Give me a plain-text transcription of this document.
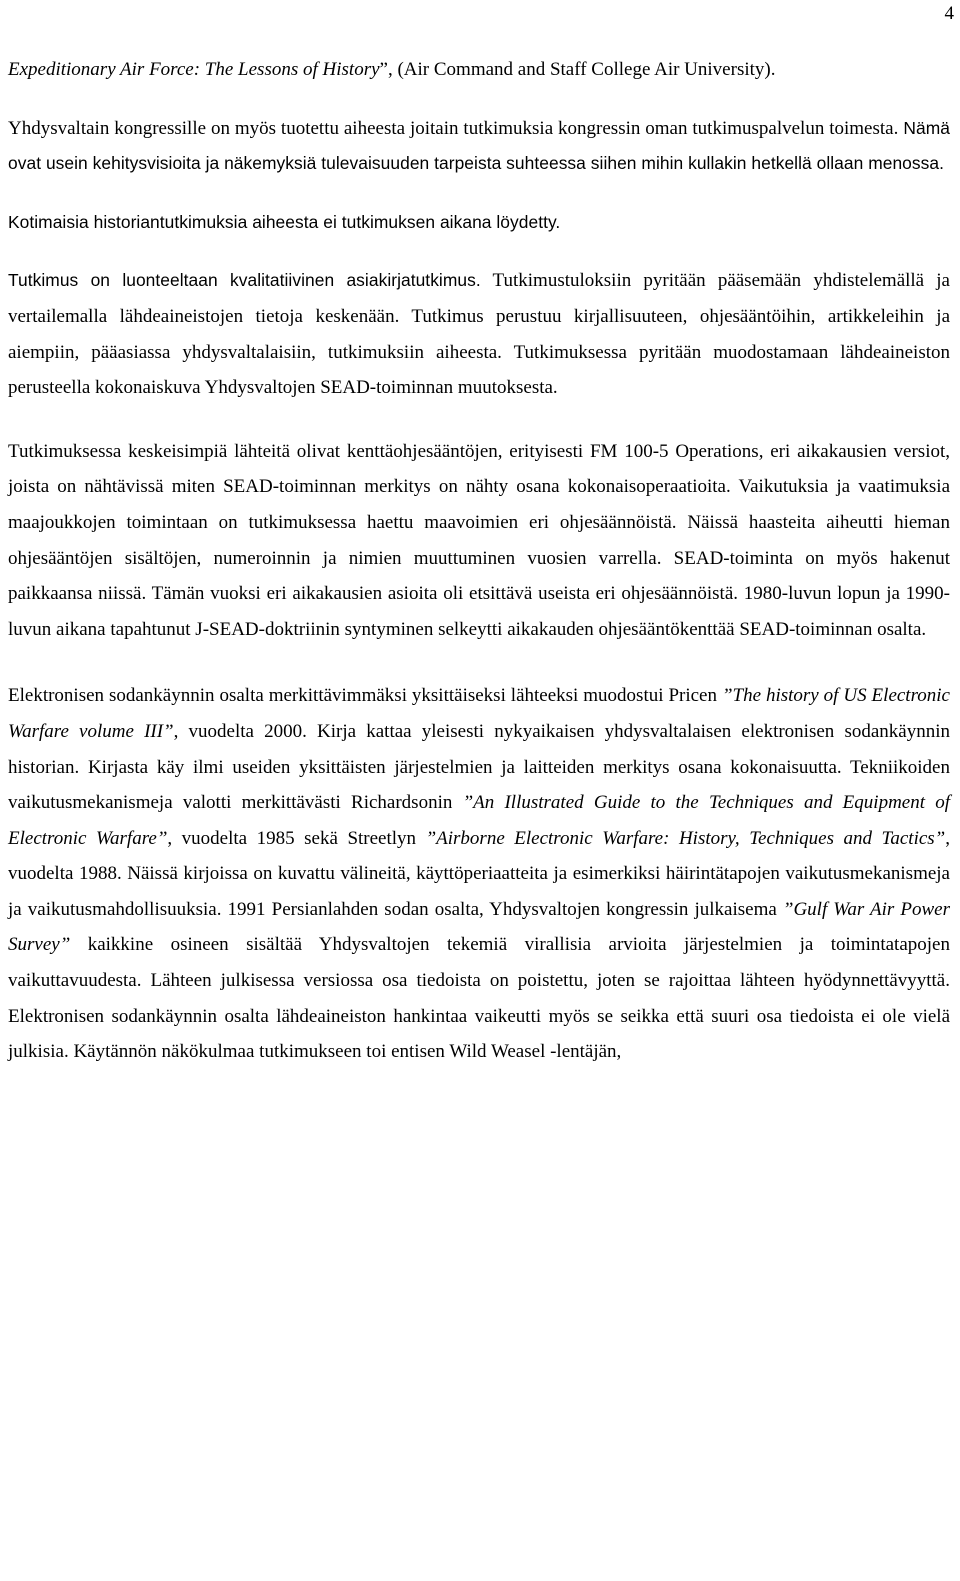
4

Expeditionary Air Force: The Lessons of History”, (Air Command and Staff College Air University).

Yhdysvaltain kongressille on myös tuotettu aiheesta joitain tutkimuksia kongressin oman tutkimuspalvelun toimesta. Nämä ovat usein kehitysvisioita ja näkemyksiä tulevaisuuden tarpeista suhteessa siihen mihin kullakin hetkellä ollaan menossa.

Kotimaisia historiantutkimuksia aiheesta ei tutkimuksen aikana löydetty.

Tutkimus on luonteeltaan kvalitatiivinen asiakirjatutkimus. Tutkimustuloksiin pyritään pääsemään yhdistelemällä ja vertailemalla lähdeaineistojen tietoja keskenään. Tutkimus perustuu kirjallisuuteen, ohjesääntöihin, artikkeleihin ja aiempiin, pääasiassa yhdysvaltalaisiin, tutkimuksiin aiheesta. Tutkimuksessa pyritään muodostamaan lähdeaineiston perusteella kokonaiskuva Yhdysvaltojen SEAD-toiminnan muutoksesta.

Tutkimuksessa keskeisimpiä lähteitä olivat kenttäohjesääntöjen, erityisesti FM 100-5 Operations, eri aikakausien versiot, joista on nähtävissä miten SEAD-toiminnan merkitys on nähty osana kokonaisoperaatioita. Vaikutuksia ja vaatimuksia maajoukkojen toimintaan on tutkimuksessa haettu maavoimien eri ohjesäännöistä. Näissä haasteita aiheutti hieman ohjesääntöjen sisältöjen, numeroinnin ja nimien muuttuminen vuosien varrella. SEAD-toiminta on myös hakenut paikkaansa niissä. Tämän vuoksi eri aikakausien asioita oli etsittävä useista eri ohjesäännöistä. 1980-luvun lopun ja 1990-luvun aikana tapahtunut J-SEAD-doktriinin syntyminen selkeytti aikakauden ohjesääntökenttää SEAD-toiminnan osalta.

Elektronisen sodankäynnin osalta merkittävimmäksi yksittäiseksi lähteeksi muodostui Pricen ”The history of US Electronic Warfare volume III”, vuodelta 2000. Kirja kattaa yleisesti nykyaikaisen yhdysvaltalaisen elektronisen sodankäynnin historian. Kirjasta käy ilmi useiden yksittäisten järjestelmien ja laitteiden merkitys osana kokonaisuutta. Tekniikoiden vaikutusmekanismeja valotti merkittävästi Richardsonin ”An Illustrated Guide to the Techniques and Equipment of Electronic Warfare”, vuodelta 1985 sekä Streetlyn ”Airborne Electronic Warfare: History, Techniques and Tactics”, vuodelta 1988. Näissä kirjoissa on kuvattu välineitä, käyttöperiaatteita ja esimerkiksi häirintätapojen vaikutusmekanismeja ja vaikutusmahdollisuuksia. 1991 Persianlahden sodan osalta, Yhdysvaltojen kongressin julkaisema ”Gulf War Air Power Survey” kaikkine osineen sisältää Yhdysvaltojen tekemiä virallisia arvioita järjestelmien ja toimintatapojen vaikuttavuudesta. Lähteen julkisessa versiossa osa tiedoista on poistettu, joten se rajoittaa lähteen hyödynnettävyyttä. Elektronisen sodankäynnin osalta lähdeaineiston hankintaa vaikeutti myös se seikka että suuri osa tiedoista ei ole vielä julkisia. Käytännön näkökulmaa tutkimukseen toi entisen Wild Weasel -lentäjän,
